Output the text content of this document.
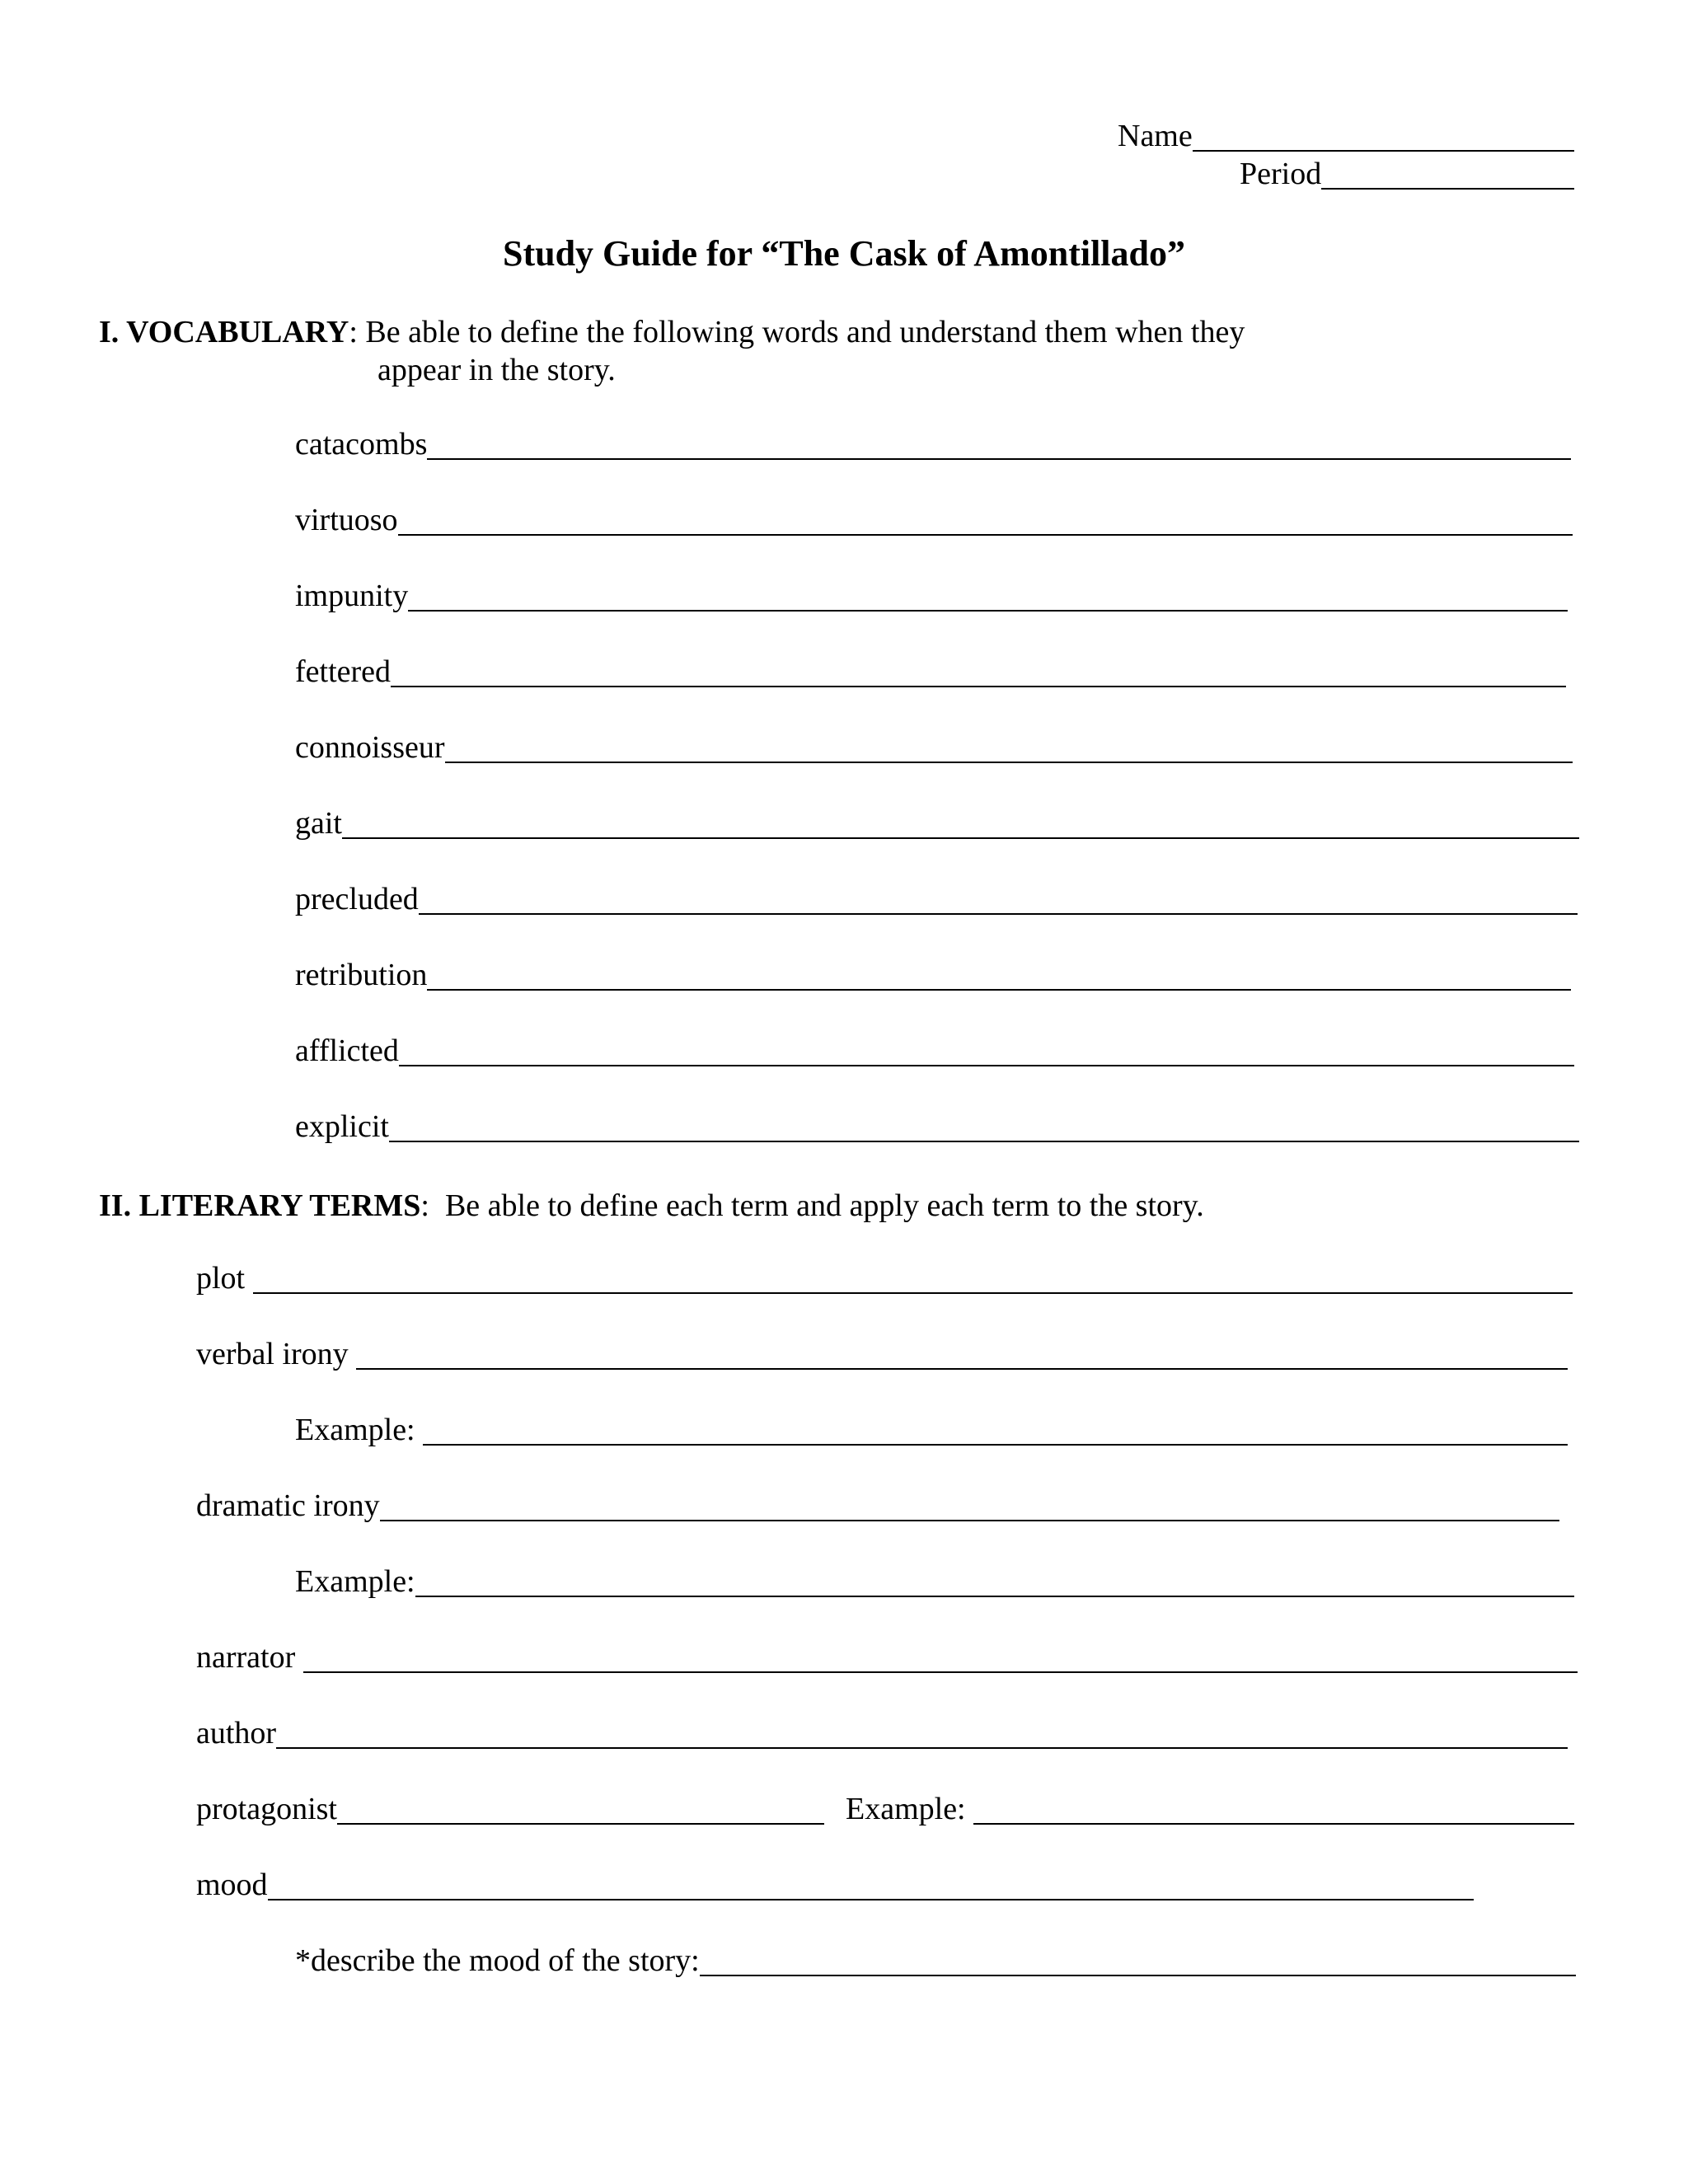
Name
Period
Study Guide for “The Cask of Amontillado”
I. VOCABULARY: Be able to define the following words and understand them when they
appear in the story.
catacombs
virtuoso
impunity
fettered
connoisseur
gait
precluded
retribution
afflicted
explicit
II. LITERARY TERMS: Be able to define each term and apply each term to the story.
plot
verbal irony
Example:
dramatic irony
Example:
narrator
author
protagonist	Example:
mood
*describe the mood of the story:
